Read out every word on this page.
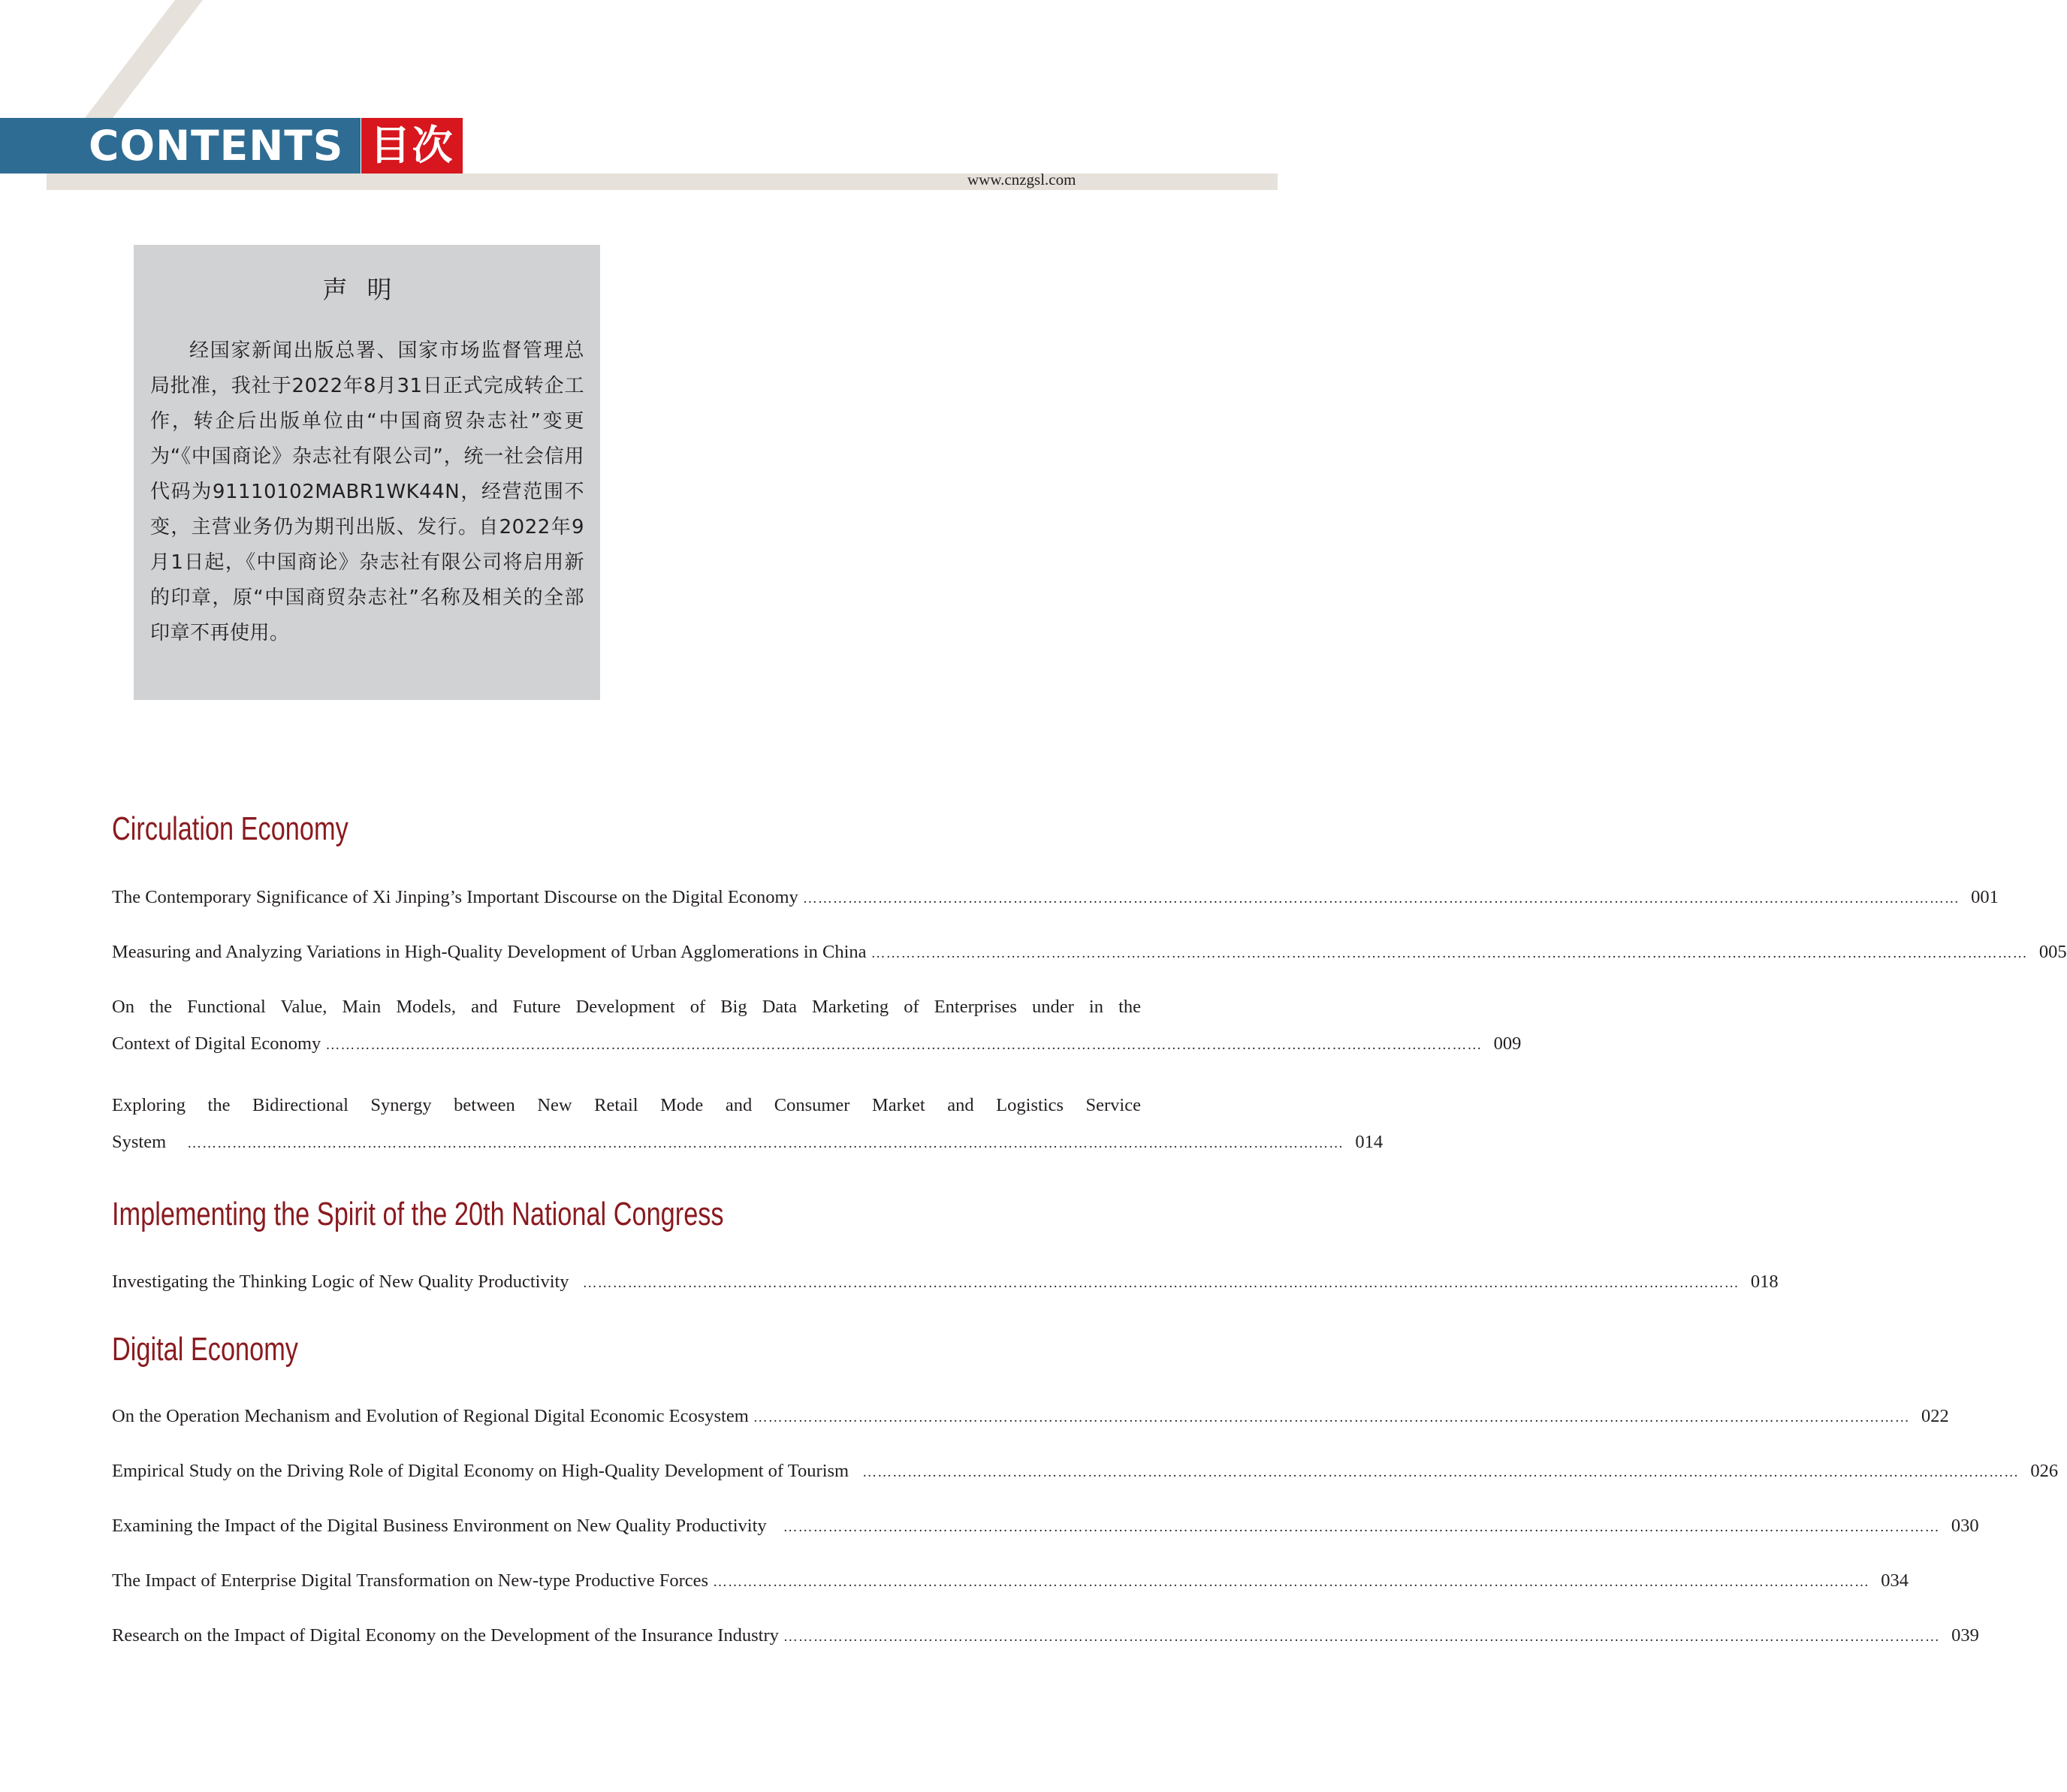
CONTENTS 目次
www.cnzgsl.com
声明
经国家新闻出版总署、国家市场监督管理总局批准，我社于2022年8月31日正式完成转企工作，转企后出版单位由“中国商贸杂志社”变更为“《中国商论》杂志社有限公司”，统一社会信用代码为91110102MABR1WK44N，经营范围不变，主营业务仍为期刊出版、发行。自2022年9月1日起，《中国商论》杂志社有限公司将启用新的印章，原“中国商贸杂志社”名称及相关的全部印章不再使用。
Circulation Economy
The Contemporary Significance of Xi Jinping’s Important Discourse on the Digital Economy …………………………………………………………………………………………………………………………………………………………………………………………………………… 001
Measuring and Analyzing Variations in High-Quality Development of Urban Agglomerations in China …………………………………………………………………………………………………………………………………………………………………………………………………………… 005
On the Functional Value, Main Models, and Future Development of Big Data Marketing of Enterprises under in the
Context of Digital Economy …………………………………………………………………………………………………………………………………………………………………………………………………………… 009
Exploring the Bidirectional Synergy between New Retail Mode and Consumer Market and Logistics Service
System …………………………………………………………………………………………………………………………………………………………………………………………………………… 014
Implementing the Spirit of the 20th National Congress
Investigating the Thinking Logic of New Quality Productivity …………………………………………………………………………………………………………………………………………………………………………………………………………… 018
Digital Economy
On the Operation Mechanism and Evolution of Regional Digital Economic Ecosystem …………………………………………………………………………………………………………………………………………………………………………………………………………… 022
Empirical Study on the Driving Role of Digital Economy on High-Quality Development of Tourism …………………………………………………………………………………………………………………………………………………………………………………………………………… 026
Examining the Impact of the Digital Business Environment on New Quality Productivity …………………………………………………………………………………………………………………………………………………………………………………………………………… 030
The Impact of Enterprise Digital Transformation on New-type Productive Forces …………………………………………………………………………………………………………………………………………………………………………………………………………… 034
Research on the Impact of Digital Economy on the Development of the Insurance Industry …………………………………………………………………………………………………………………………………………………………………………………………………………… 039
